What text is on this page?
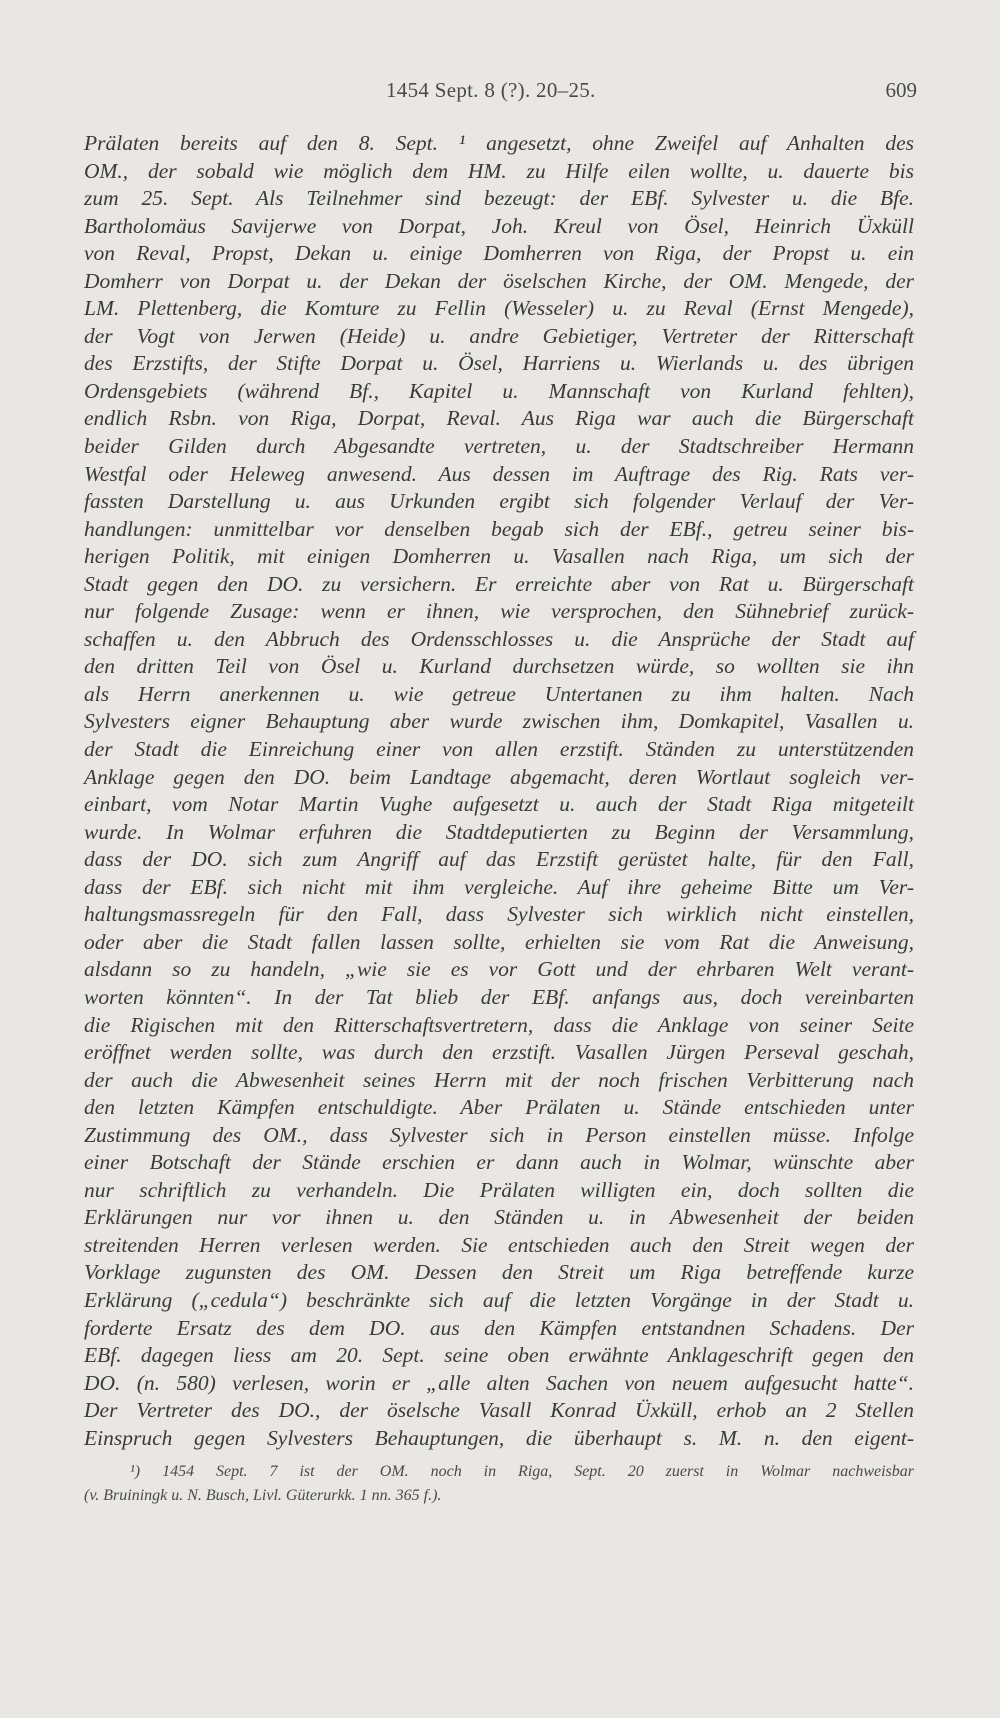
1454 Sept. 8 (?). 20–25.	609
Prälaten bereits auf den 8. Sept. ¹ angesetzt, ohne Zweifel auf Anhalten des
OM., der sobald wie möglich dem HM. zu Hilfe eilen wollte, u. dauerte bis
zum 25. Sept. Als Teilnehmer sind bezeugt: der EBf. Sylvester u. die Bfe.
Bartholomäus Savijerwe von Dorpat, Joh. Kreul von Ösel, Heinrich Üxküll
von Reval, Propst, Dekan u. einige Domherren von Riga, der Propst u. ein
Domherr von Dorpat u. der Dekan der öselschen Kirche, der OM. Mengede, der
LM. Plettenberg, die Komture zu Fellin (Wesseler) u. zu Reval (Ernst Mengede),
der Vogt von Jerwen (Heide) u. andre Gebietiger, Vertreter der Ritterschaft
des Erzstifts, der Stifte Dorpat u. Ösel, Harriens u. Wierlands u. des übrigen
Ordensgebiets (während Bf., Kapitel u. Mannschaft von Kurland fehlten),
endlich Rsbn. von Riga, Dorpat, Reval. Aus Riga war auch die Bürgerschaft
beider Gilden durch Abgesandte vertreten, u. der Stadtschreiber Hermann
Westfal oder Heleweg anwesend. Aus dessen im Auftrage des Rig. Rats ver-
fassten Darstellung u. aus Urkunden ergibt sich folgender Verlauf der Ver-
handlungen: unmittelbar vor denselben begab sich der EBf., getreu seiner bis-
herigen Politik, mit einigen Domherren u. Vasallen nach Riga, um sich der
Stadt gegen den DO. zu versichern. Er erreichte aber von Rat u. Bürgerschaft
nur folgende Zusage: wenn er ihnen, wie versprochen, den Sühnebrief zurück-
schaffen u. den Abbruch des Ordensschlosses u. die Ansprüche der Stadt auf
den dritten Teil von Ösel u. Kurland durchsetzen würde, so wollten sie ihn
als Herrn anerkennen u. wie getreue Untertanen zu ihm halten. Nach
Sylvesters eigner Behauptung aber wurde zwischen ihm, Domkapitel, Vasallen u.
der Stadt die Einreichung einer von allen erzstift. Ständen zu unterstützenden
Anklage gegen den DO. beim Landtage abgemacht, deren Wortlaut sogleich ver-
einbart, vom Notar Martin Vughe aufgesetzt u. auch der Stadt Riga mitgeteilt
wurde. In Wolmar erfuhren die Stadtdeputierten zu Beginn der Versammlung,
dass der DO. sich zum Angriff auf das Erzstift gerüstet halte, für den Fall,
dass der EBf. sich nicht mit ihm vergleiche. Auf ihre geheime Bitte um Ver-
haltungsmassregeln für den Fall, dass Sylvester sich wirklich nicht einstellen,
oder aber die Stadt fallen lassen sollte, erhielten sie vom Rat die Anweisung,
alsdann so zu handeln, „wie sie es vor Gott und der ehrbaren Welt verant-
worten könnten“. In der Tat blieb der EBf. anfangs aus, doch vereinbarten
die Rigischen mit den Ritterschaftsvertretern, dass die Anklage von seiner Seite
eröffnet werden sollte, was durch den erzstift. Vasallen Jürgen Perseval geschah,
der auch die Abwesenheit seines Herrn mit der noch frischen Verbitterung nach
den letzten Kämpfen entschuldigte. Aber Prälaten u. Stände entschieden unter
Zustimmung des OM., dass Sylvester sich in Person einstellen müsse. Infolge
einer Botschaft der Stände erschien er dann auch in Wolmar, wünschte aber
nur schriftlich zu verhandeln. Die Prälaten willigten ein, doch sollten die
Erklärungen nur vor ihnen u. den Ständen u. in Abwesenheit der beiden
streitenden Herren verlesen werden. Sie entschieden auch den Streit wegen der
Vorklage zugunsten des OM. Dessen den Streit um Riga betreffende kurze
Erklärung („cedula“) beschränkte sich auf die letzten Vorgänge in der Stadt u.
forderte Ersatz des dem DO. aus den Kämpfen entstandnen Schadens. Der
EBf. dagegen liess am 20. Sept. seine oben erwähnte Anklageschrift gegen den
DO. (n. 580) verlesen, worin er „alle alten Sachen von neuem aufgesucht hatte“.
Der Vertreter des DO., der öselsche Vasall Konrad Üxküll, erhob an 2 Stellen
Einspruch gegen Sylvesters Behauptungen, die überhaupt s. M. n. den eigent-
¹) 1454 Sept. 7 ist der OM. noch in Riga, Sept. 20 zuerst in Wolmar nachweisbar
(v. Bruiningk u. N. Busch, Livl. Güterurkk. 1 nn. 365 f.).
